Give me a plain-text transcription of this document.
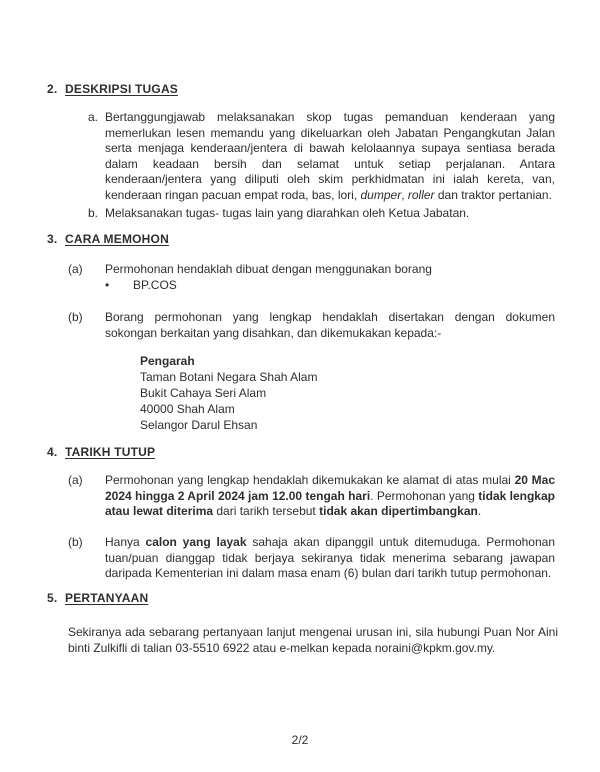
2. DESKRIPSI TUGAS
a. Bertanggungjawab melaksanakan skop tugas pemanduan kenderaan yang memerlukan lesen memandu yang dikeluarkan oleh Jabatan Pengangkutan Jalan serta menjaga kenderaan/jentera di bawah kelolaannya supaya sentiasa berada dalam keadaan bersih dan selamat untuk setiap perjalanan. Antara kenderaan/jentera yang diliputi oleh skim perkhidmatan ini ialah kereta, van, kenderaan ringan pacuan empat roda, bas, lori, dumper, roller dan traktor pertanian.

b. Melaksanakan tugas- tugas lain yang diarahkan oleh Ketua Jabatan.

3. CARA MEMOHON
(a)	Permohonan hendaklah dibuat dengan menggunakan borang

•	BP.COS

(b)	Borang permohonan yang lengkap hendaklah disertakan dengan dokumen sokongan berkaitan yang disahkan, dan dikemukakan kepada:-

Pengarah
Taman Botani Negara Shah Alam
Bukit Cahaya Seri Alam
40000 Shah Alam
Selangor Darul Ehsan
4. TARIKH TUTUP
(a)	Permohonan yang lengkap hendaklah dikemukakan ke alamat di atas mulai 20 Mac 2024 hingga 2 April 2024 jam 12.00 tengah hari. Permohonan yang tidak lengkap atau lewat diterima dari tarikh tersebut tidak akan dipertimbangkan.

(b)	Hanya calon yang layak sahaja akan dipanggil untuk ditemuduga. Permohonan tuan/puan dianggap tidak berjaya sekiranya tidak menerima sebarang jawapan daripada Kementerian ini dalam masa enam (6) bulan dari tarikh tutup permohonan.

5. PERTANYAAN

Sekiranya ada sebarang pertanyaan lanjut mengenai urusan ini, sila hubungi Puan Nor Aini binti Zulkifli di talian 03-5510 6922 atau e-melkan kepada noraini@kpkm.gov.my.

2/2
